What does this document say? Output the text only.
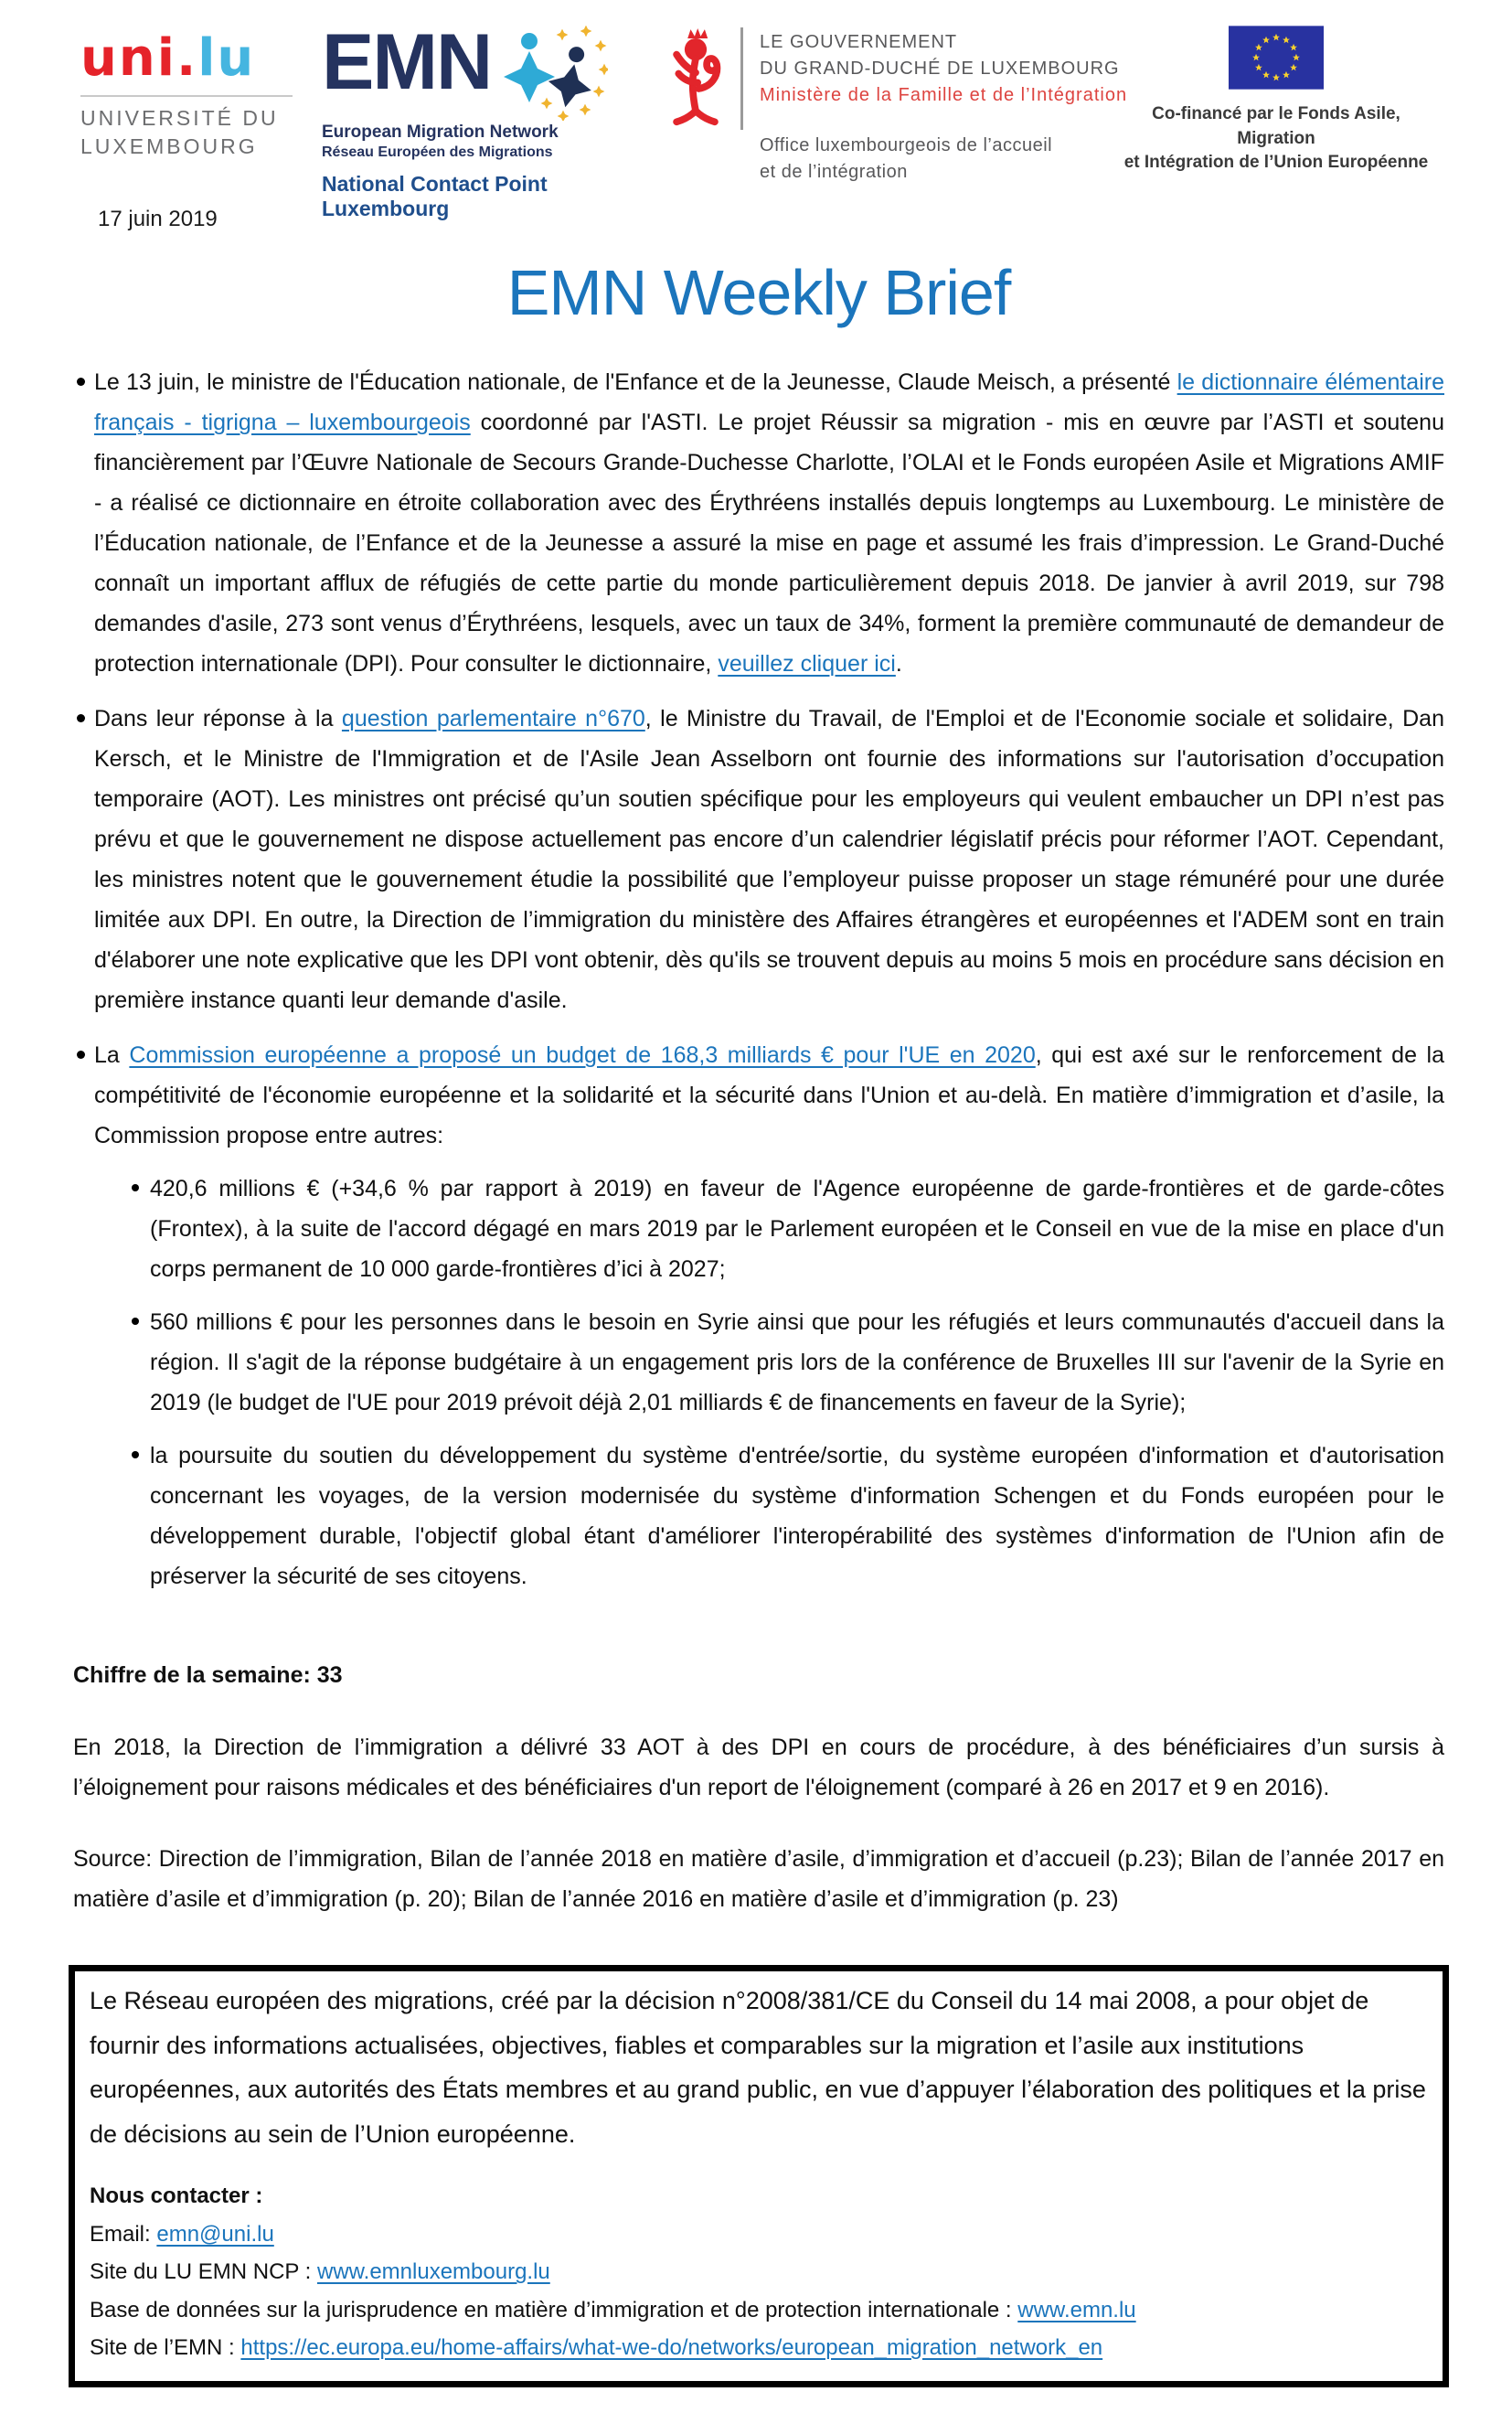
uni.lu
UNIVERSITÉ DU
LUXEMBOURG
EMN
European Migration Network
Réseau Européen des Migrations
National Contact Point Luxembourg
LE GOUVERNEMENT
DU GRAND-DUCHÉ DE LUXEMBOURG
Ministère de la Famille et de l’Intégration
Office luxembourgeois de l’accueil
et de l’intégration
Co-financé par le Fonds Asile, Migration
et Intégration de l’Union Européenne
17 juin 2019
EMN Weekly Brief
Le 13 juin, le ministre de l'Éducation nationale, de l'Enfance et de la Jeunesse, Claude Meisch, a présenté le dictionnaire élémentaire français - tigrigna – luxembourgeois coordonné par l'ASTI. Le projet Réussir sa migration - mis en œuvre par l’ASTI et soutenu financièrement par l’Œuvre Nationale de Secours Grande-Duchesse Charlotte, l’OLAI et le Fonds européen Asile et Migrations AMIF - a réalisé ce dictionnaire en étroite collaboration avec des Érythréens installés depuis longtemps au Luxembourg. Le ministère de l’Éducation nationale, de l’Enfance et de la Jeunesse a assuré la mise en page et assumé les frais d’impression. Le Grand-Duché connaît un important afflux de réfugiés de cette partie du monde particulièrement depuis 2018. De janvier à avril 2019, sur 798 demandes d'asile, 273 sont venus d’Érythréens, lesquels, avec un taux de 34%, forment la première communauté de demandeur de protection internationale (DPI). Pour consulter le dictionnaire, veuillez cliquer ici.
Dans leur réponse à la question parlementaire n°670, le Ministre du Travail, de l'Emploi et de l'Economie sociale et solidaire, Dan Kersch, et le Ministre de l'Immigration et de l'Asile Jean Asselborn ont fournie des informations sur l'autorisation d’occupation temporaire (AOT). Les ministres ont précisé qu’un soutien spécifique pour les employeurs qui veulent embaucher un DPI n’est pas prévu et que le gouvernement ne dispose actuellement pas encore d’un calendrier législatif précis pour réformer l’AOT. Cependant, les ministres notent que le gouvernement étudie la possibilité que l’employeur puisse proposer un stage rémunéré pour une durée limitée aux DPI. En outre, la Direction de l’immigration du ministère des Affaires étrangères et européennes et l'ADEM sont en train d'élaborer une note explicative que les DPI vont obtenir, dès qu'ils se trouvent depuis au moins 5 mois en procédure sans décision en première instance quanti leur demande d'asile.
La Commission européenne a proposé un budget de 168,3 milliards € pour l'UE en 2020, qui est axé sur le renforcement de la compétitivité de l'économie européenne et la solidarité et la sécurité dans l'Union et au-delà. En matière d’immigration et d’asile, la Commission propose entre autres:
420,6 millions € (+34,6 % par rapport à 2019) en faveur de l'Agence européenne de garde-frontières et de garde-côtes (Frontex), à la suite de l'accord dégagé en mars 2019 par le Parlement européen et le Conseil en vue de la mise en place d'un corps permanent de 10 000 garde-frontières d’ici à 2027;
560 millions € pour les personnes dans le besoin en Syrie ainsi que pour les réfugiés et leurs communautés d'accueil dans la région. Il s'agit de la réponse budgétaire à un engagement pris lors de la conférence de Bruxelles III sur l'avenir de la Syrie en 2019 (le budget de l'UE pour 2019 prévoit déjà 2,01 milliards € de financements en faveur de la Syrie);
la poursuite du soutien du développement du système d'entrée/sortie, du système européen d'information et d'autorisation concernant les voyages, de la version modernisée du système d'information Schengen et du Fonds européen pour le développement durable, l'objectif global étant d'améliorer l'interopérabilité des systèmes d'information de l'Union afin de préserver la sécurité de ses citoyens.
Chiffre de la semaine: 33
En 2018, la Direction de l’immigration a délivré 33 AOT à des DPI en cours de procédure, à des bénéficiaires d’un sursis à l’éloignement pour raisons médicales et des bénéficiaires d'un report de l'éloignement (comparé à 26 en 2017 et 9 en 2016).
Source: Direction de l’immigration, Bilan de l’année 2018 en matière d’asile, d’immigration et d’accueil (p.23); Bilan de l’année 2017 en matière d’asile et d’immigration (p. 20); Bilan de l’année 2016 en matière d’asile et d’immigration (p. 23)
Le Réseau européen des migrations, créé par la décision n°2008/381/CE du Conseil du 14 mai 2008, a pour objet de fournir des informations actualisées, objectives, fiables et comparables sur la migration et l’asile aux institutions européennes, aux autorités des États membres et au grand public, en vue d’appuyer l’élaboration des politiques et la prise de décisions au sein de l’Union européenne.
Nous contacter :
Email: emn@uni.lu
Site du LU EMN NCP : www.emnluxembourg.lu
Base de données sur la jurisprudence en matière d’immigration et de protection internationale : www.emn.lu
Site de l’EMN : https://ec.europa.eu/home-affairs/what-we-do/networks/european_migration_network_en
